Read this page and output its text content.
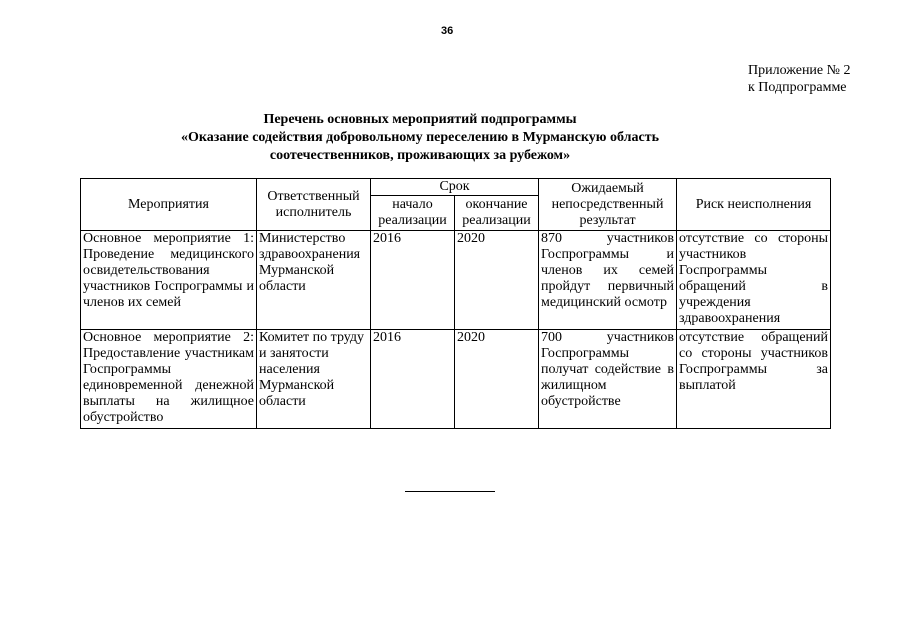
36
Приложение № 2
к Подпрограмме
Перечень основных мероприятий подпрограммы
«Оказание содействия добровольному переселению в Мурманскую область
соотечественников, проживающих за рубежом»
Мероприятия	Ответственный исполнитель	Срок		Ожидаемый непосредственный результат	Риск неисполнения
		начало реализации	окончание реализации		
Основное мероприятие 1: Проведение медицинского освидетельствования участников Госпрограммы и членов их семей	Министерство здравоохранения Мурманской области	2016	2020	870 участников Госпрограммы и членов их семей пройдут первичный медицинский осмотр	отсутствие со стороны участников Госпрограммы обращений в учреждения здравоохранения
Основное мероприятие 2: Предоставление участникам Госпрограммы единовременной денежной выплаты на жилищное обустройство	Комитет по труду и занятости населения Мурманской области	2016	2020	700 участников Госпрограммы получат содействие в жилищном обустройстве	отсутствие обращений со стороны участников Госпрограммы за выплатой
